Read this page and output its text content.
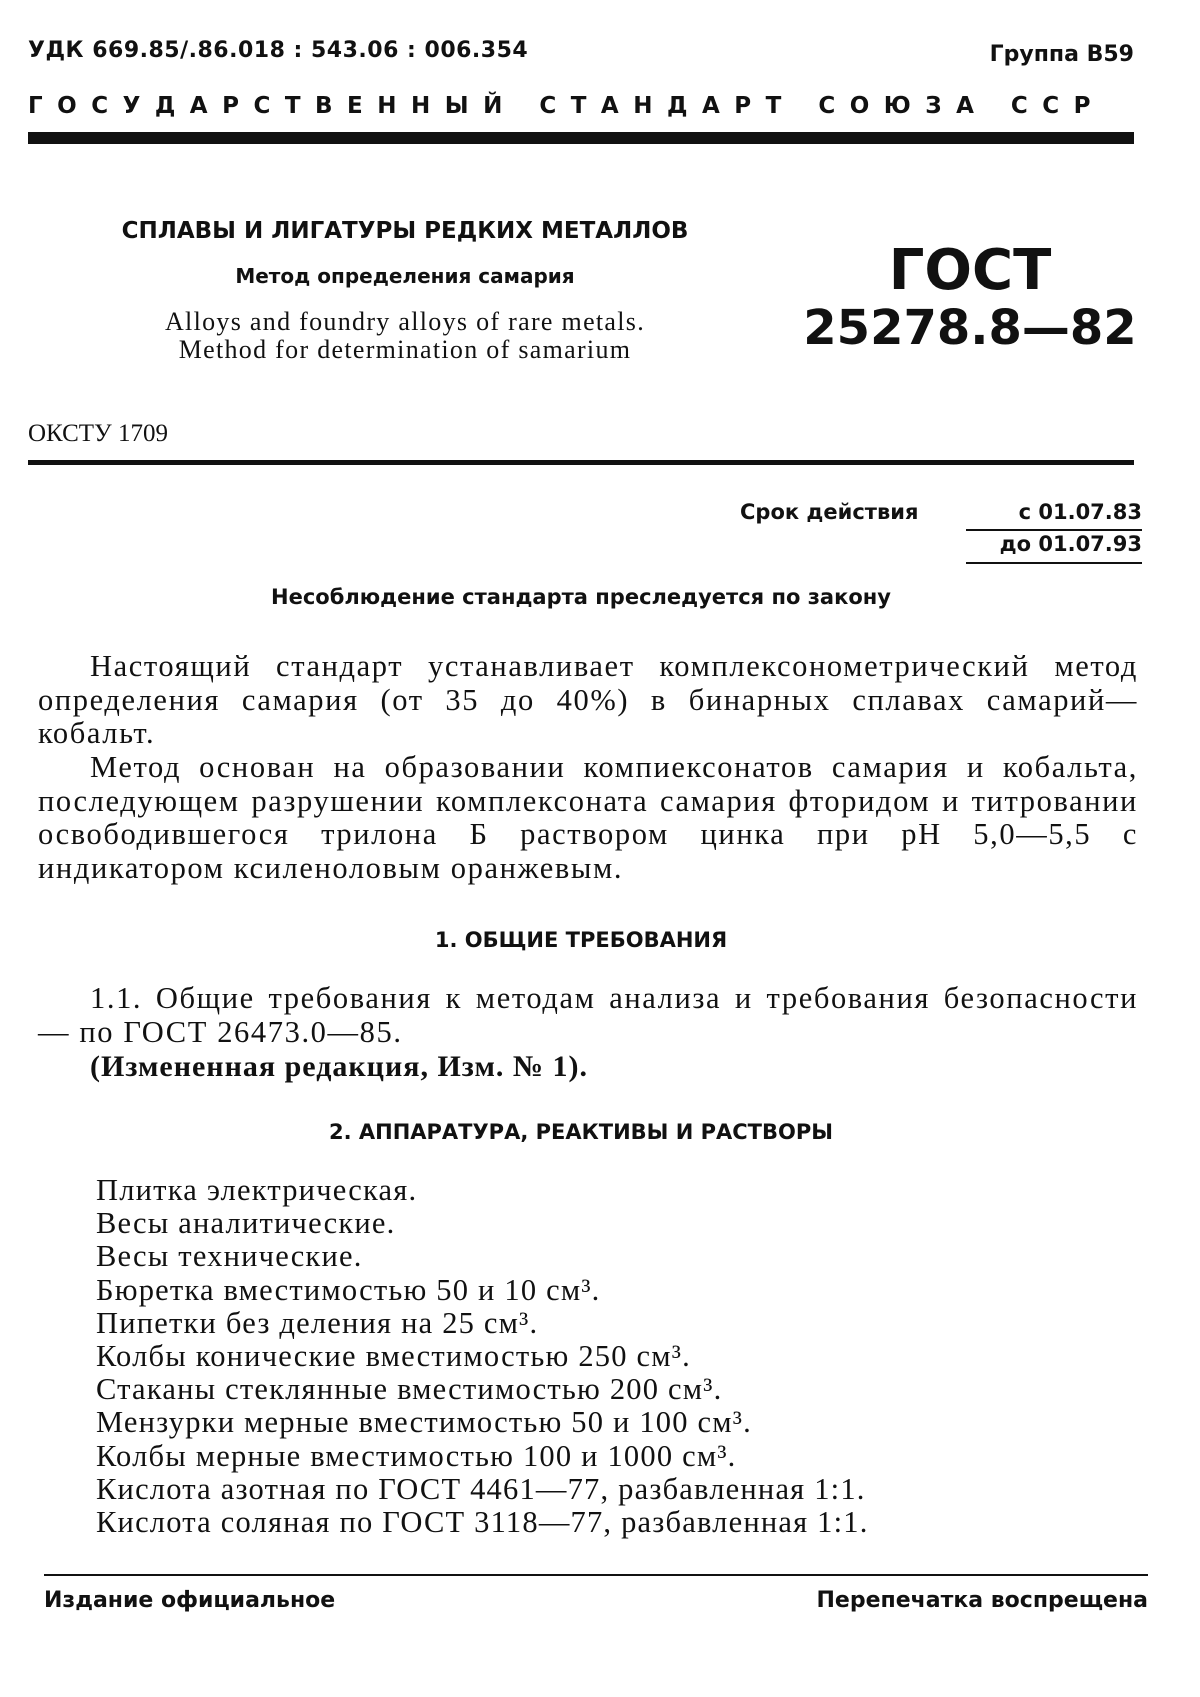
УДК 669.85/.86.018 : 543.06 : 006.354	Группа В59
ГОСУДАРСТВЕННЫЙ СТАНДАРТ СОЮЗА ССР
СПЛАВЫ И ЛИГАТУРЫ РЕДКИХ МЕТАЛЛОВ
Метод определения самария
Alloys and foundry alloys of rare metals.
Method for determination of samarium
ГОСТ
25278.8—82
ОКСТУ 1709
Срок действия	с 01.07.83
до 01.07.93
Несоблюдение стандарта преследуется по закону

Настоящий стандарт устанавливает комплексонометрический метод определения самария (от 35 до 40%) в бинарных сплавах самарий—кобальт.

Метод основан на образовании компиексонатов самария и кобальта, последующем разрушении комплексоната самария фторидом и титровании освободившегося трилона Б раствором цинка при pH 5,0—5,5 с индикатором ксиленоловым оранжевым.

1. ОБЩИЕ ТРЕБОВАНИЯ

1.1. Общие требования к методам анализа и требования безопасности — по ГОСТ 26473.0—85.

(Измененная редакция, Изм. № 1).
2. АППАРАТУРА, РЕАКТИВЫ И РАСТВОРЫ
Плитка электрическая.
Весы аналитические.
Весы технические.
Бюретка вместимостью 50 и 10 см³.
Пипетки без деления на 25 см³.
Колбы конические вместимостью 250 см³.
Стаканы стеклянные вместимостью 200 см³.
Мензурки мерные вместимостью 50 и 100 см³.
Колбы мерные вместимостью 100 и 1000 см³.
Кислота азотная по ГОСТ 4461—77, разбавленная 1:1.
Кислота соляная по ГОСТ 3118—77, разбавленная 1:1.
Издание официальное	Перепечатка воспрещена
